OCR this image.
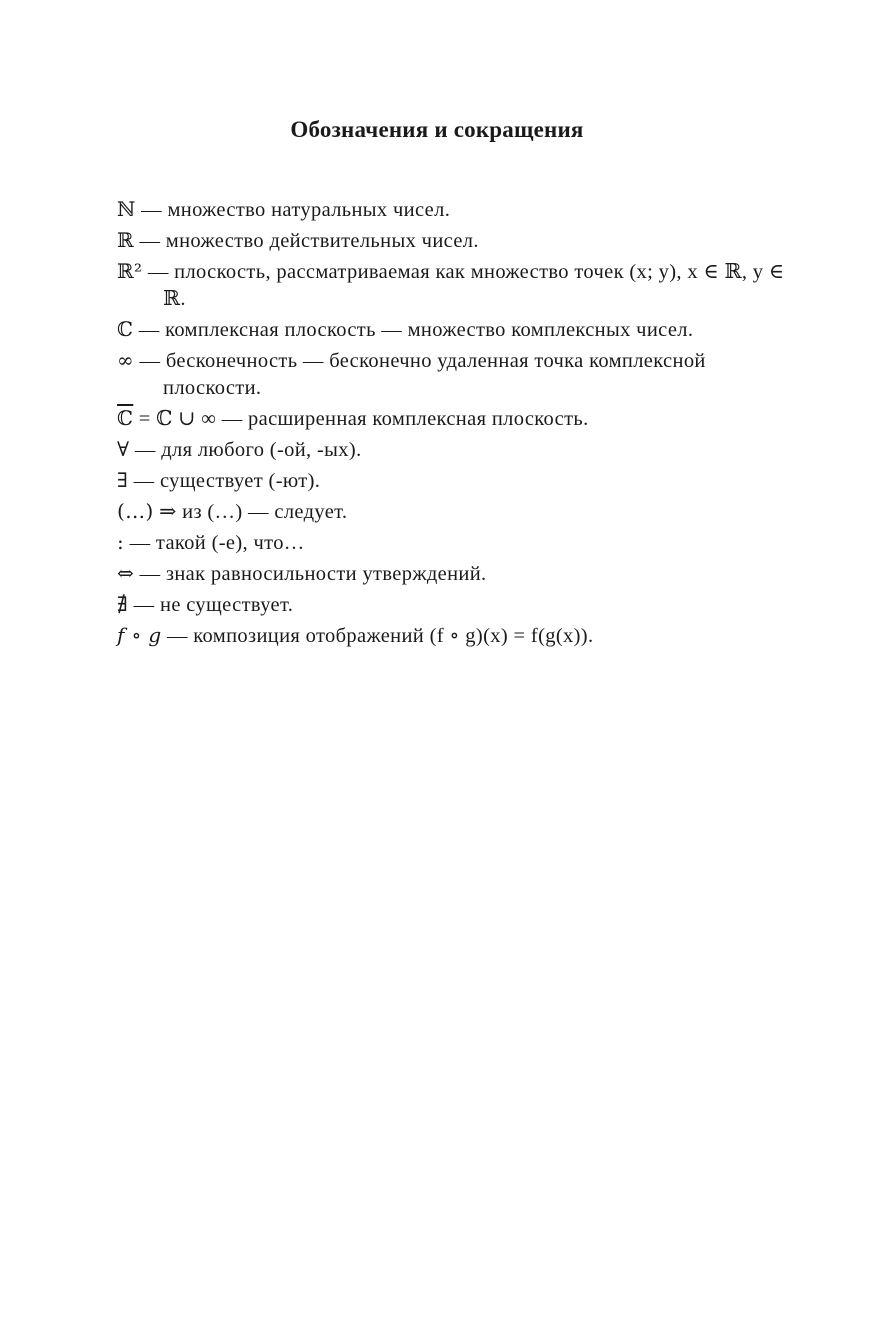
Обозначения и сокращения
ℕ — множество натуральных чисел.
ℝ — множество действительных чисел.
ℝ² — плоскость, рассматриваемая как множество точек (x; y), x ∈ ℝ, y ∈ ℝ.
ℂ — комплексная плоскость — множество комплексных чисел.
∞ — бесконечность — бесконечно удаленная точка комплексной плоскости.
ℂ = ℂ ∪ ∞ — расширенная комплексная плоскость.
∀ — для любого (-ой, -ых).
∃ — существует (-ют).
(…) ⇒ из (…) — следует.
: — такой (-е), что…
⇔ — знак равносильности утверждений.
∄ — не существует.
f ∘ g — композиция отображений (f ∘ g)(x) = f(g(x)).
